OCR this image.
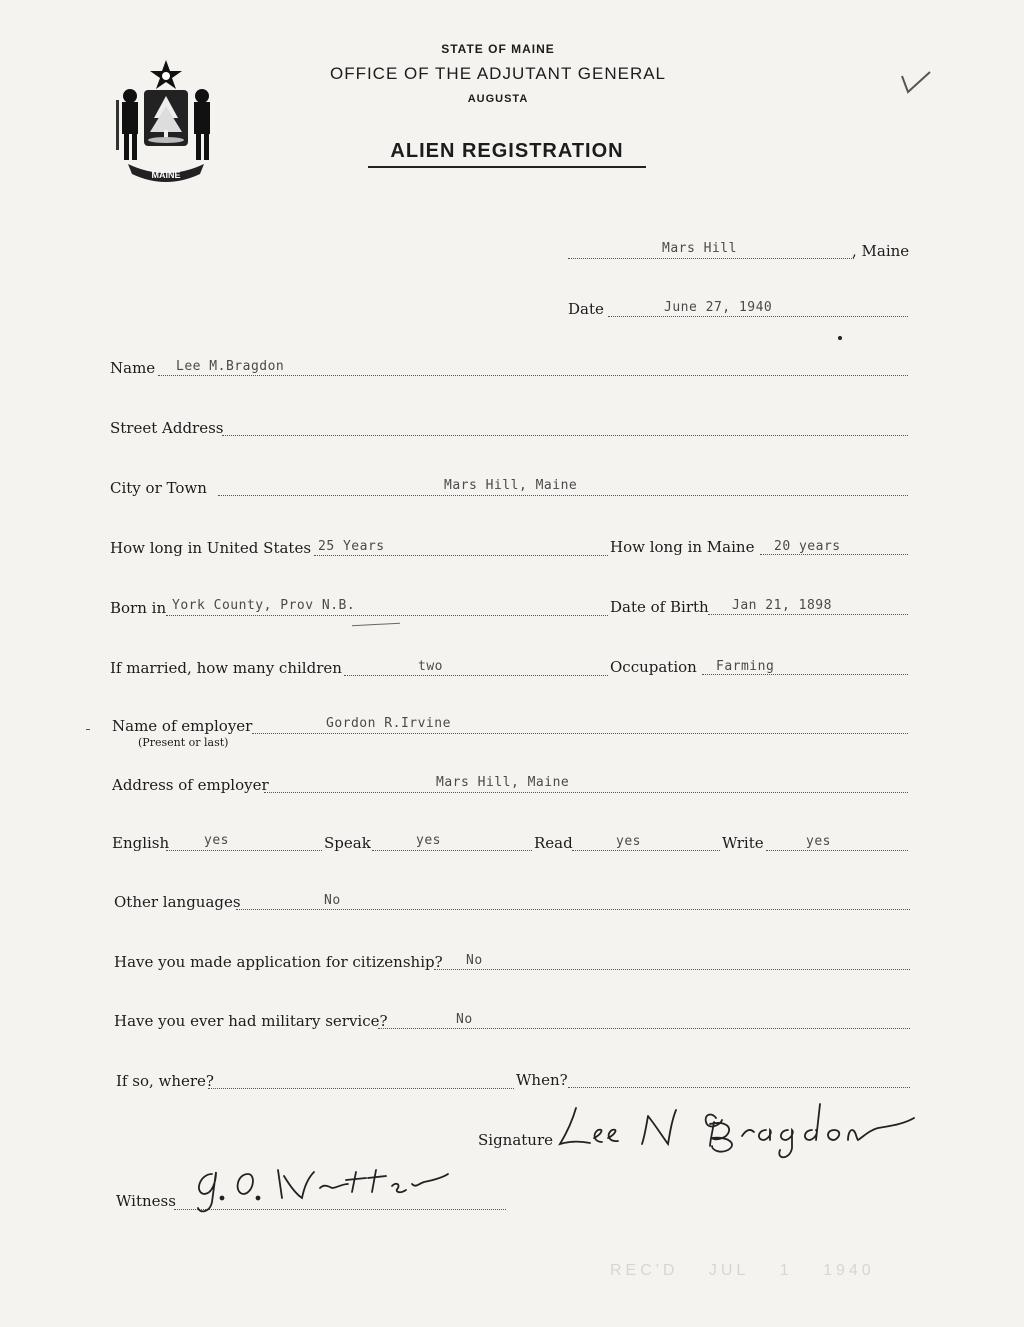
MAINE
STATE OF MAINE
OFFICE OF THE ADJUTANT GENERAL
AUGUSTA
ALIEN REGISTRATION
Mars Hill	, Maine
Date	June 27, 1940
Name Lee M.Bragdon
Street Address
City or Town	Mars Hill, Maine
How long in United States 25 Years	How long in Maine 20 years
Born in York County, Prov N.B.	Date of Birth Jan 21, 1898
If married, how many children	two	Occupation Farming
Name of employer
(Present or last)
Gordon R.Irvine
Address of employer	Mars Hill, Maine
English	yes	Speak	yes	Read	yes	Write	yes
Other languages	No
Have you made application for citizenship? No
Have you ever had military service?	No
If so, where?	When?
Signature
Witness
REC'D JUL 1 1940
